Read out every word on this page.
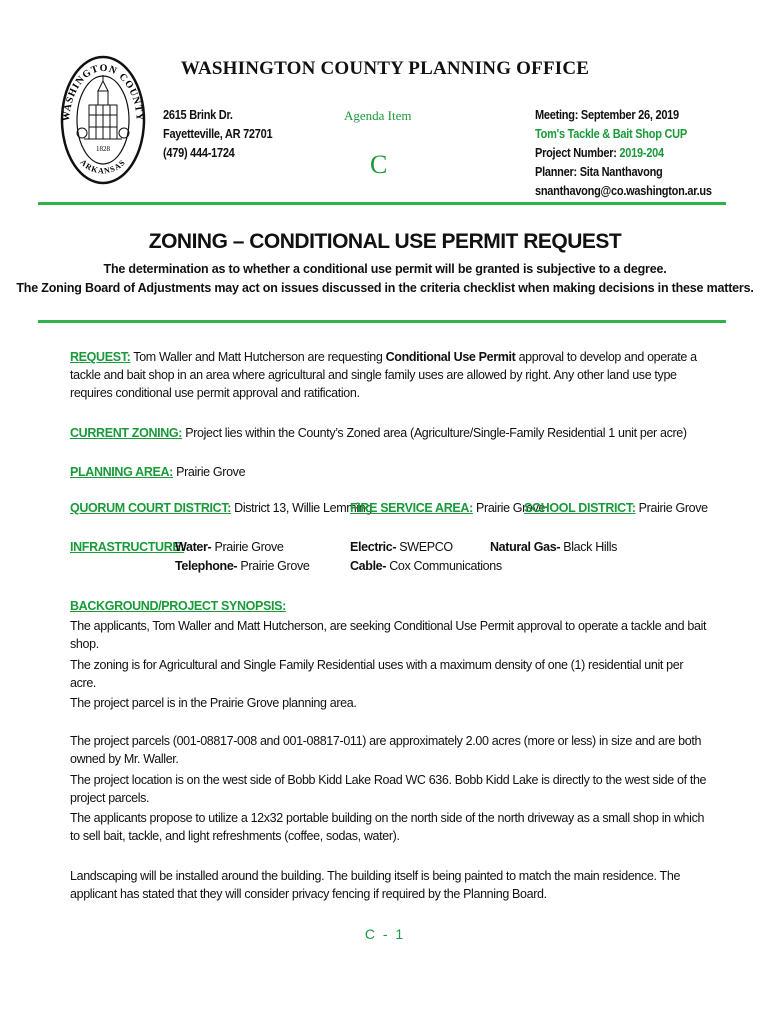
WASHINGTON COUNTY
ARKANSAS
1828
WASHINGTON COUNTY PLANNING OFFICE
2615 Brink Dr.
Fayetteville, AR 72701
(479) 444-1724
Agenda Item
C
Meeting: September 26, 2019
Tom's Tackle & Bait Shop CUP
Project Number: 2019-204
Planner: Sita Nanthavong
snanthavong@co.washington.ar.us
ZONING – CONDITIONAL USE PERMIT REQUEST
The determination as to whether a conditional use permit will be granted is subjective to a degree.
The Zoning Board of Adjustments may act on issues discussed in the criteria checklist when making decisions in these matters.
REQUEST: Tom Waller and Matt Hutcherson are requesting Conditional Use Permit approval to develop and operate a tackle and bait shop in an area where agricultural and single family uses are allowed by right. Any other land use type requires conditional use permit approval and ratification.
CURRENT ZONING: Project lies within the County’s Zoned area (Agriculture/Single-Family Residential 1 unit per acre)
PLANNING AREA: Prairie Grove
QUORUM COURT DISTRICT: District 13, Willie Lemming
FIRE SERVICE AREA: Prairie Grove
SCHOOL DISTRICT: Prairie Grove
INFRASTRUCTURE:
Water- Prairie Grove
Telephone- Prairie Grove
Electric- SWEPCO
Cable- Cox Communications
Natural Gas- Black Hills
BACKGROUND/PROJECT SYNOPSIS:
The applicants, Tom Waller and Matt Hutcherson, are seeking Conditional Use Permit approval to operate a tackle and bait shop.
The zoning is for Agricultural and Single Family Residential uses with a maximum density of one (1) residential unit per acre.
The project parcel is in the Prairie Grove planning area.
The project parcels (001-08817-008 and 001-08817-011) are approximately 2.00 acres (more or less) in size and are both owned by Mr. Waller.
The project location is on the west side of Bobb Kidd Lake Road WC 636. Bobb Kidd Lake is directly to the west side of the project parcels.
The applicants propose to utilize a 12x32 portable building on the north side of the north driveway as a small shop in which to sell bait, tackle, and light refreshments (coffee, sodas, water).
Landscaping will be installed around the building. The building itself is being painted to match the main residence. The applicant has stated that they will consider privacy fencing if required by the Planning Board.
C - 1
